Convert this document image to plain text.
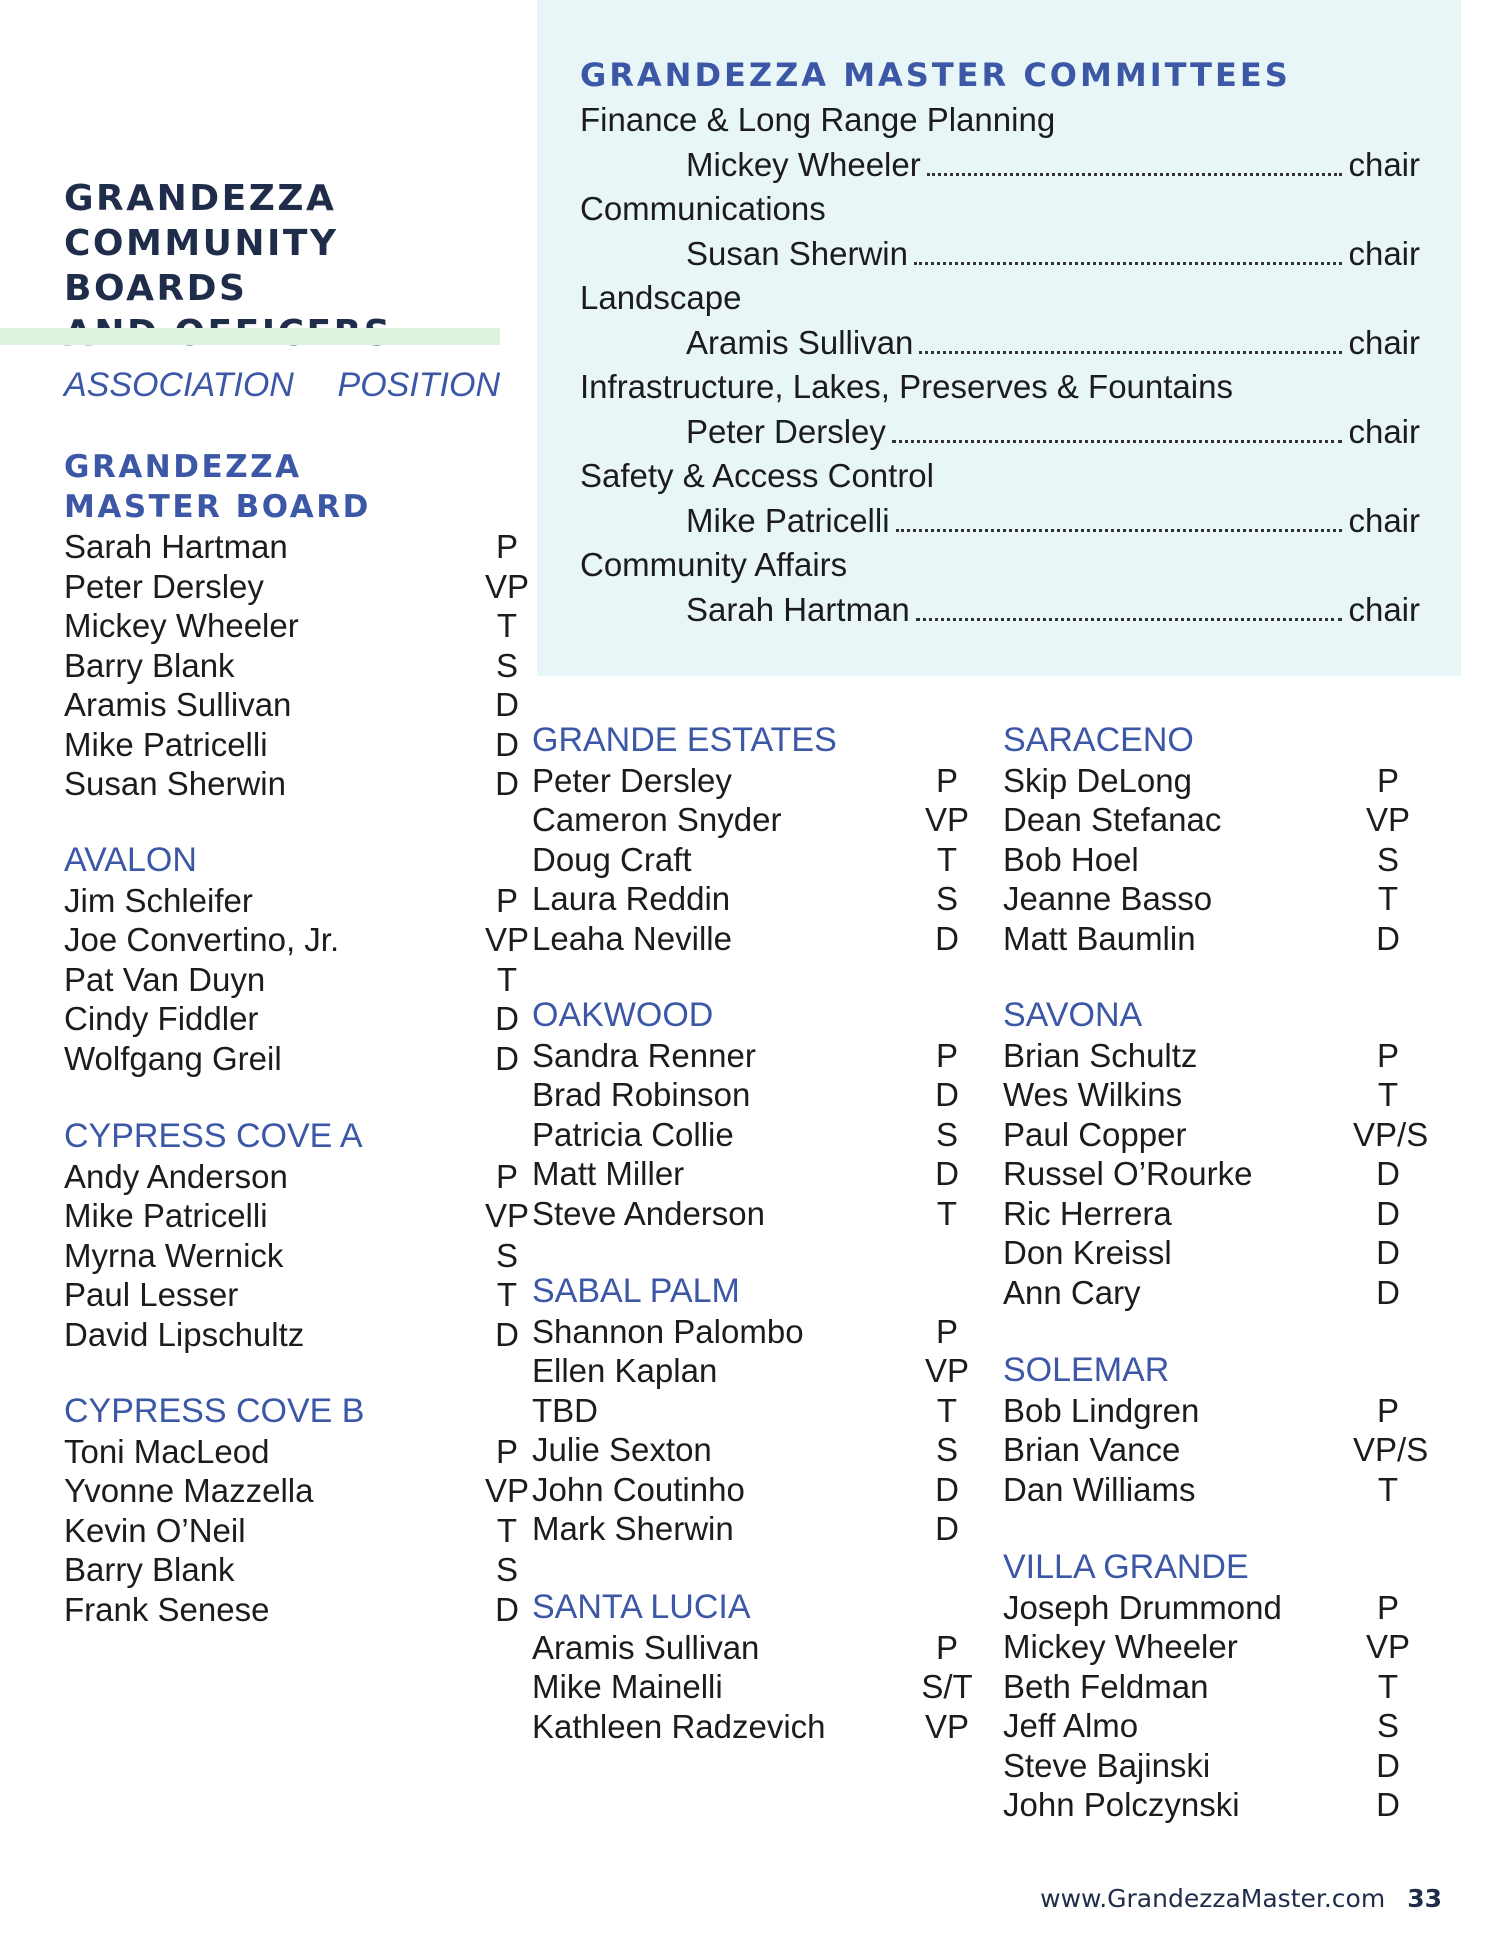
GRANDEZZA
COMMUNITY BOARDS
ASSOCIATION POSITION
GRANDEZZA MASTER COMMITTEES
Finance & Long Range Planning
Mickey Wheeler	chair
Communications
Susan Sherwin	chair
Landscape
Aramis Sullivan	chair
Infrastructure, Lakes, Preserves & Fountains
Peter Dersley	chair
Safety & Access Control
Mike Patricelli	chair
Community Affairs
Sarah Hartman	chair
GRANDEZZA
MASTER BOARD
Sarah Hartman	P
Peter Dersley	VP
Mickey Wheeler	T
Barry Blank	S
Aramis Sullivan	D
Mike Patricelli	D
Susan Sherwin	D
AVALON
Jim Schleifer	P
Joe Convertino, Jr.	VP
Pat Van Duyn	T
Cindy Fiddler	D
Wolfgang Greil	D
CYPRESS COVE A
Andy Anderson	P
Mike Patricelli	VP
Myrna Wernick	S
Paul Lesser	T
David Lipschultz	D
CYPRESS COVE B
Toni MacLeod	P
Yvonne Mazzella	VP
Kevin O’Neil	T
Barry Blank	S
Frank Senese	D
GRANDE ESTATES
Peter Dersley	P
Cameron Snyder	VP
Doug Craft	T
Laura Reddin	S
Leaha Neville	D
OAKWOOD
Sandra Renner	P
Brad Robinson	D
Patricia Collie	S
Matt Miller	D
Steve Anderson	T
SABAL PALM
Shannon Palombo	P
Ellen Kaplan	VP
TBD	T
Julie Sexton	S
John Coutinho	D
Mark Sherwin	D
SANTA LUCIA
Aramis Sullivan	P
Mike Mainelli	S/T
Kathleen Radzevich	VP
SARACENO
Skip DeLong	P
Dean Stefanac	VP
Bob Hoel	S
Jeanne Basso	T
Matt Baumlin	D
SAVONA
Brian Schultz	P
Wes Wilkins	T
Paul Copper	VP/S
Russel O’Rourke	D
Ric Herrera	D
Don Kreissl	D
Ann Cary	D
SOLEMAR
Bob Lindgren	P
Brian Vance	VP/S
Dan Williams	T
VILLA GRANDE
Joseph Drummond	P
Mickey Wheeler	VP
Beth Feldman	T
Jeff Almo	S
Steve Bajinski	D
John Polczynski	D
www.GrandezzaMaster.com 33
